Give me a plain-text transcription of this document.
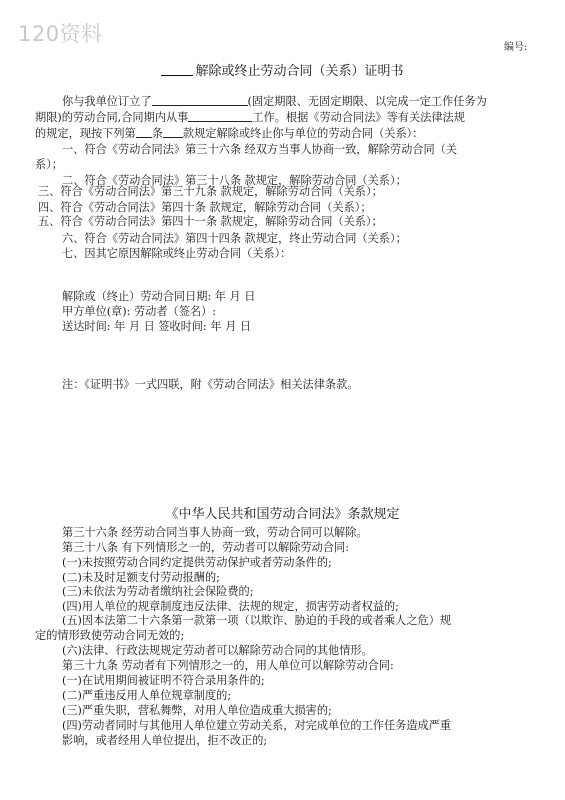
120资料
编号:
解除或终止劳动合同（关系）证明书
你与我单位订立了	(固定期限、无固定期限、以完成一定工作任务为
期限)的劳动合同,合同期内从事	工作。根据《劳动合同法》等有关法律法规
的规定，现按下列第 条 款规定解除或终止你与单位的劳动合同（关系）：
一、符合《劳动合同法》第三十六条 经双方当事人协商一致，解除劳动合同（关
系）；
二、符合《劳动合同法》第三十八条 款规定，解除劳动合同（关系）；
三、符合《劳动合同法》第三十九条 款规定，解除劳动合同（关系）；
四、符合《劳动合同法》第四十条 款规定，解除劳动合同（关系）；
五、符合《劳动合同法》第四十一条 款规定，解除劳动合同（关系）；
六、符合《劳动合同法》第四十四条 款规定，终止劳动合同（关系）；
七、因其它原因解除或终止劳动合同（关系）：
解除或（终止）劳动合同日期: 年 月 日
甲方单位(章): 劳动者（签名）:
送达时间: 年 月 日 签收时间: 年 月 日
注：《证明书》一式四联，附《劳动合同法》相关法律条款。
《中华人民共和国劳动合同法》条款规定
第三十六条 经劳动合同当事人协商一致，劳动合同可以解除。
第三十八条 有下列情形之一的，劳动者可以解除劳动合同:
(一)未按照劳动合同约定提供劳动保护或者劳动条件的;
(二)未及时足额支付劳动报酬的;
(三)未依法为劳动者缴纳社会保险费的;
(四)用人单位的规章制度违反法律、法规的规定，损害劳动者权益的;
(五)因本法第二十六条第一款第一项（以欺诈、胁迫的手段的或者乘人之危）规
定的情形致使劳动合同无效的;
(六)法律、行政法规规定劳动者可以解除劳动合同的其他情形。
第三十九条 劳动者有下列情形之一的，用人单位可以解除劳动合同:
(一)在试用期间被证明不符合录用条件的;
(二)严重违反用人单位规章制度的;
(三)严重失职，营私舞弊，对用人单位造成重大损害的;
(四)劳动者同时与其他用人单位建立劳动关系，对完成单位的工作任务造成严重
影响，或者经用人单位提出，拒不改正的;
